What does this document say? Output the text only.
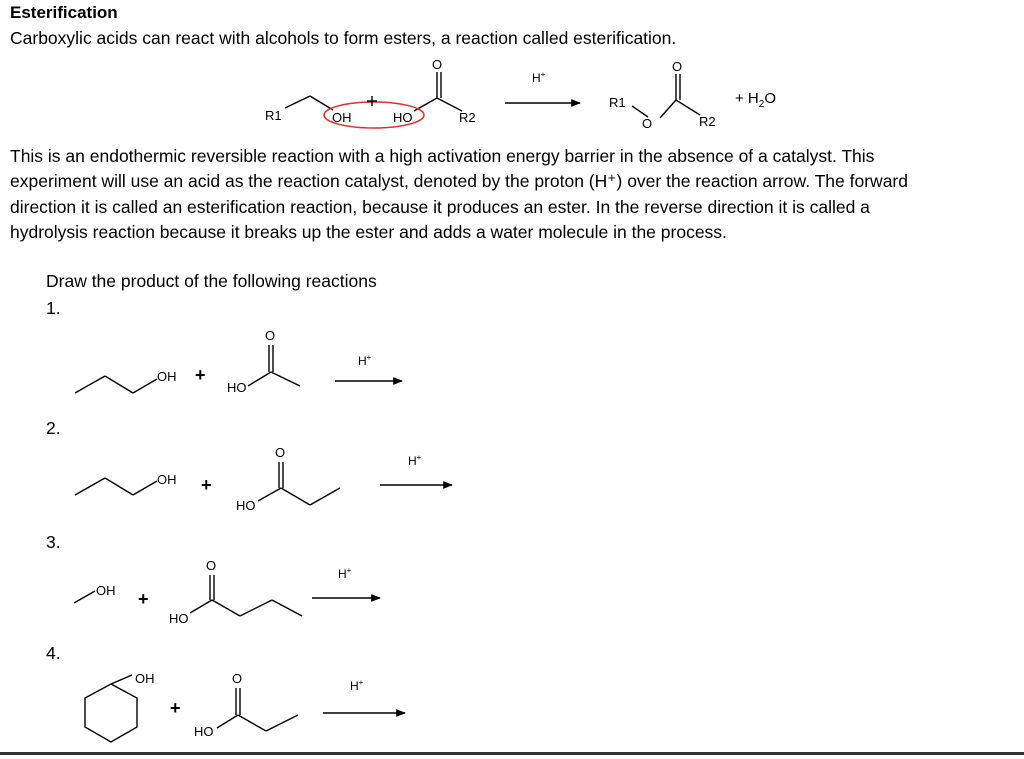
Esterification
Carboxylic acids can react with alcohols to form esters, a reaction called esterification.

This is an endothermic reversible reaction with a high activation energy barrier in the absence of a catalyst. This

experiment will use an acid as the reaction catalyst, denoted by the proton (H⁺) over the reaction arrow. The forward

direction it is called an esterification reaction, because it produces an ester. In the reverse direction it is called a

hydrolysis reaction because it breaks up the ester and adds a water molecule in the process.

Draw the product of the following reactions
1.
2.
3.
4.
R1	OH	HO
O
R2
H+
R1
O
O
R2
+ $H_2O$
OH +
HO
O
H+
OH +
HO
O
H+
OH +
HO
O
H+
OH
+
HO
O	H+
